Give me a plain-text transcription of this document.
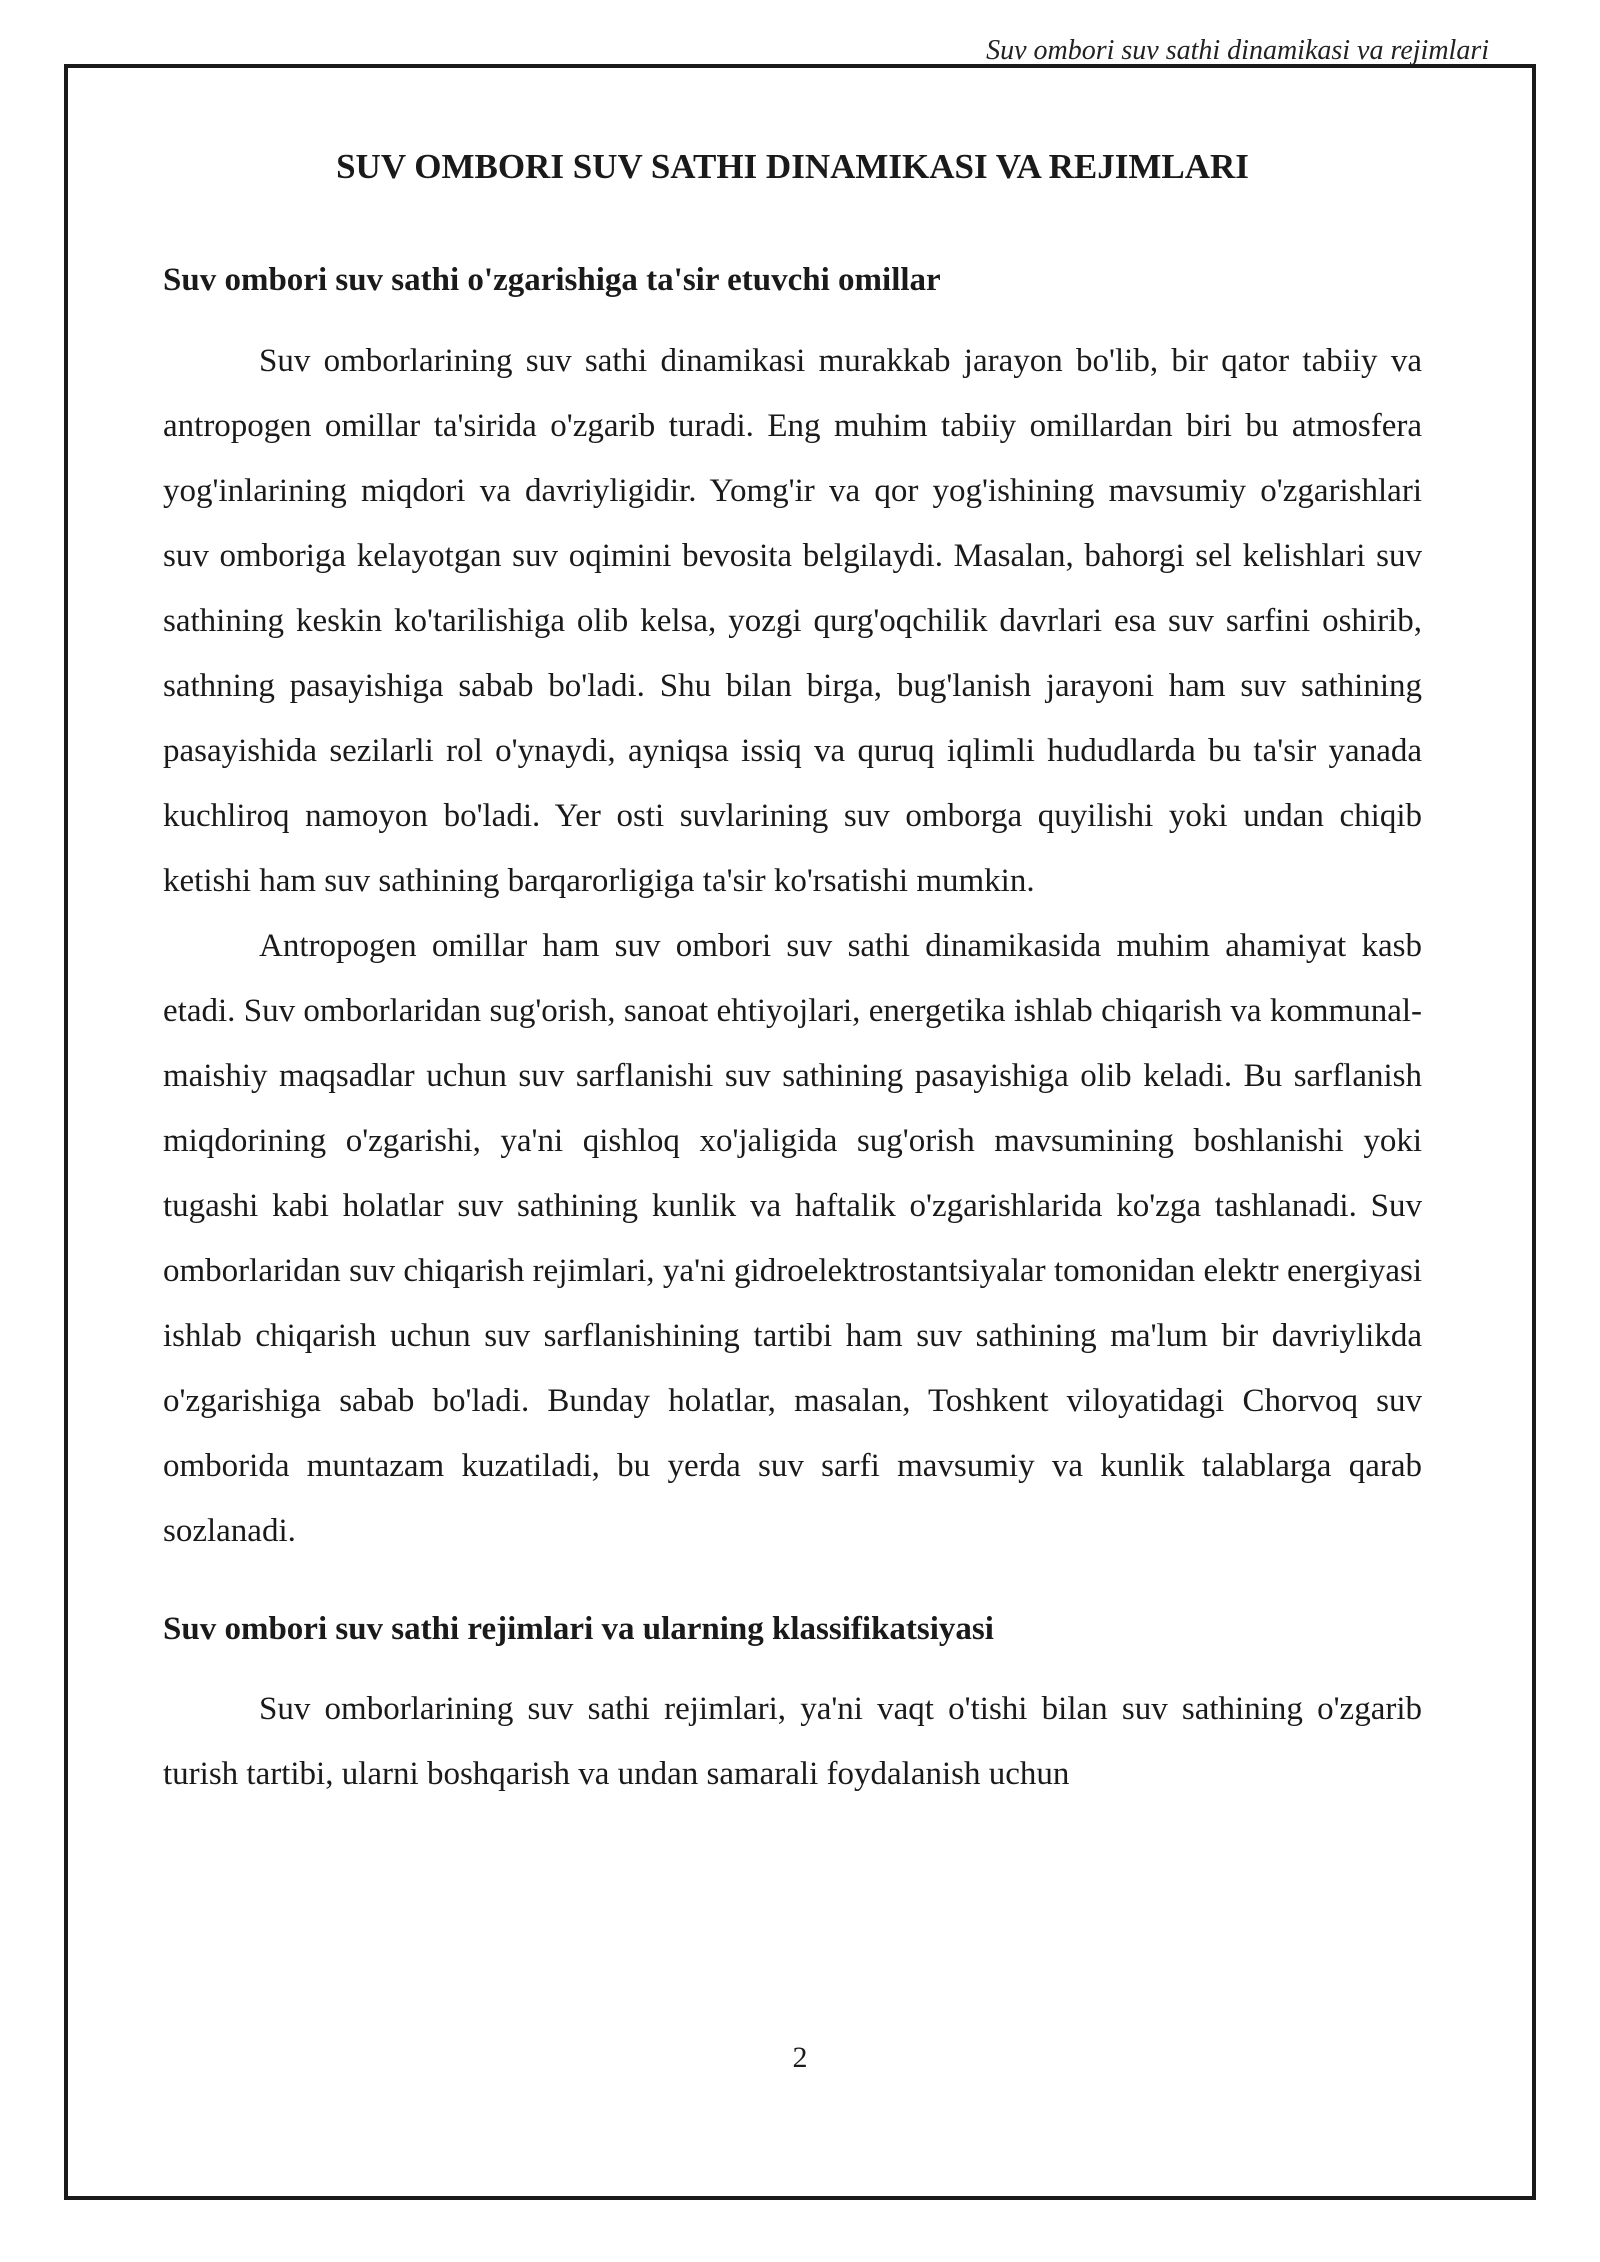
Suv ombori suv sathi dinamikasi va rejimlari
SUV OMBORI SUV SATHI DINAMIKASI VA REJIMLARI
Suv ombori suv sathi o'zgarishiga ta'sir etuvchi omillar

Suv omborlarining suv sathi dinamikasi murakkab jarayon bo'lib, bir qator tabiiy va antropogen omillar ta'sirida o'zgarib turadi. Eng muhim tabiiy omillardan biri bu atmosfera yog'inlarining miqdori va davriyligidir. Yomg'ir va qor yog'ishining mavsumiy o'zgarishlari suv omboriga kelayotgan suv oqimini bevosita belgilaydi. Masalan, bahorgi sel kelishlari suv sathining keskin ko'tarilishiga olib kelsa, yozgi qurg'oqchilik davrlari esa suv sarfini oshirib, sathning pasayishiga sabab bo'ladi. Shu bilan birga, bug'lanish jarayoni ham suv sathining pasayishida sezilarli rol o'ynaydi, ayniqsa issiq va quruq iqlimli hududlarda bu ta'sir yanada kuchliroq namoyon bo'ladi. Yer osti suvlarining suv omborga quyilishi yoki undan chiqib ketishi ham suv sathining barqarorligiga ta'sir ko'rsatishi mumkin.

Antropogen omillar ham suv ombori suv sathi dinamikasida muhim ahamiyat kasb etadi. Suv omborlaridan sug'orish, sanoat ehtiyojlari, energetika ishlab chiqarish va kommunal-maishiy maqsadlar uchun suv sarflanishi suv sathining pasayishiga olib keladi. Bu sarflanish miqdorining o'zgarishi, ya'ni qishloq xo'jaligida sug'orish mavsumining boshlanishi yoki tugashi kabi holatlar suv sathining kunlik va haftalik o'zgarishlarida ko'zga tashlanadi. Suv omborlaridan suv chiqarish rejimlari, ya'ni gidroelektrostantsiyalar tomonidan elektr energiyasi ishlab chiqarish uchun suv sarflanishining tartibi ham suv sathining ma'lum bir davriylikda o'zgarishiga sabab bo'ladi. Bunday holatlar, masalan, Toshkent viloyatidagi Chorvoq suv omborida muntazam kuzatiladi, bu yerda suv sarfi mavsumiy va kunlik talablarga qarab sozlanadi.

Suv ombori suv sathi rejimlari va ularning klassifikatsiyasi

Suv omborlarining suv sathi rejimlari, ya'ni vaqt o'tishi bilan suv sathining o'zgarib turish tartibi, ularni boshqarish va undan samarali foydalanish uchun

2
